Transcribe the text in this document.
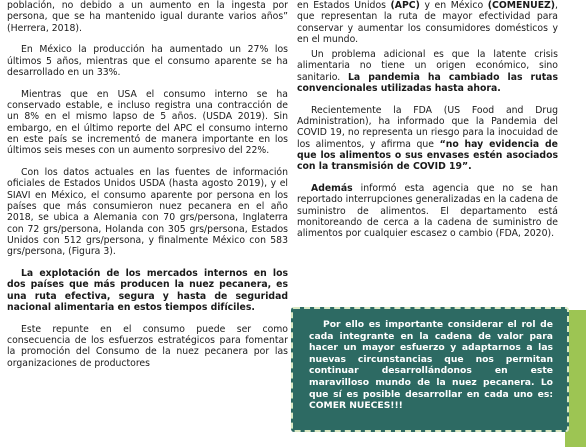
población, no debido a un aumento en la ingesta por persona, que se ha mantenido igual durante varios años” (Herrera, 2018).

En México la producción ha aumentado un 27% los últimos 5 años, mientras que el consumo aparente se ha desarrollado en un 33%.

Mientras que en USA el consumo interno se ha conservado estable, e incluso registra una contracción de un 8% en el mismo lapso de 5 años. (USDA 2019). Sin embargo, en el último reporte del APC el consumo interno en este país se incrementó de manera importante en los últimos seis meses con un aumento sorpresivo del 22%.

Con los datos actuales en las fuentes de información oficiales de Estados Unidos USDA (hasta agosto 2019), y el SIAVI en México, el consumo aparente por persona en los países que más consumieron nuez pecanera en el año 2018, se ubica a Alemania con 70 grs/persona, Inglaterra con 72 grs/persona, Holanda con 305 grs/persona, Estados Unidos con 512 grs/persona, y finalmente México con 583 grs/persona, (Figura 3).

La explotación de los mercados internos en los dos países que más producen la nuez pecanera, es una ruta efectiva, segura y hasta de seguridad nacional alimentaria en estos tiempos difíciles.

Este repunte en el consumo puede ser como consecuencia de los esfuerzos estratégicos para fomentar la promoción del Consumo de la nuez pecanera por las organizaciones de productores

en Estados Unidos (APC) y en México (COMENUEZ), que representan la ruta de mayor efectividad para conservar y aumentar los consumidores domésticos y en el mundo.

Un problema adicional es que la latente crisis alimentaria no tiene un origen económico, sino sanitario. La pandemia ha cambiado las rutas convencionales utilizadas hasta ahora.

Recientemente la FDA (US Food and Drug Administration), ha informado que la Pandemia del COVID 19, no representa un riesgo para la inocuidad de los alimentos, y afirma que “no hay evidencia de que los alimentos o sus envases estén asociados con la transmisión de COVID 19”.

Además informó esta agencia que no se han reportado interrupciones generalizadas en la cadena de suministro de alimentos. El departamento está monitoreando de cerca a la cadena de suministro de alimentos por cualquier escasez o cambio (FDA, 2020).

Por ello es importante considerar el rol de cada integrante en la cadena de valor para hacer un mayor esfuerzo y adaptarnos a las nuevas circunstancias que nos permitan continuar desarrollándonos en este maravilloso mundo de la nuez pecanera. Lo que sí es posible desarrollar en cada uno es: COMER NUECES!!!
